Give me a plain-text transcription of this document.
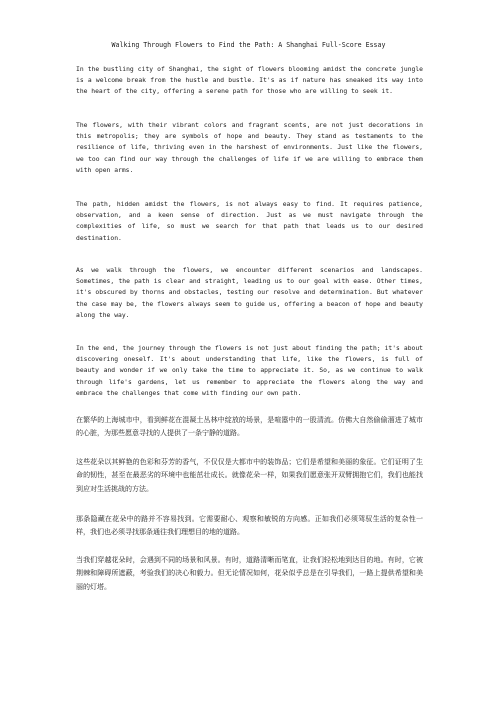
Walking Through Flowers to Find the Path: A Shanghai Full-Score Essay

In the bustling city of Shanghai, the sight of flowers blooming amidst the concrete jungle is a welcome break from the hustle and bustle. It's as if nature has sneaked its way into the heart of the city, offering a serene path for those who are willing to seek it.

The flowers, with their vibrant colors and fragrant scents, are not just decorations in this metropolis; they are symbols of hope and beauty. They stand as testaments to the resilience of life, thriving even in the harshest of environments. Just like the flowers, we too can find our way through the challenges of life if we are willing to embrace them with open arms.

The path, hidden amidst the flowers, is not always easy to find. It requires patience, observation, and a keen sense of direction. Just as we must navigate through the complexities of life, so must we search for that path that leads us to our desired destination.

As we walk through the flowers, we encounter different scenarios and landscapes. Sometimes, the path is clear and straight, leading us to our goal with ease. Other times, it's obscured by thorns and obstacles, testing our resolve and determination. But whatever the case may be, the flowers always seem to guide us, offering a beacon of hope and beauty along the way.

In the end, the journey through the flowers is not just about finding the path; it's about discovering oneself. It's about understanding that life, like the flowers, is full of beauty and wonder if we only take the time to appreciate it. So, as we continue to walk through life's gardens, let us remember to appreciate the flowers along the way and embrace the challenges that come with finding our own path.

在繁华的上海城市中，看到鲜花在混凝土丛林中绽放的场景，是喧嚣中的一股清流。仿佛大自然偷偷溜进了城市的心脏，为那些愿意寻找的人提供了一条宁静的道路。

这些花朵以其鲜艳的色彩和芬芳的香气，不仅仅是大都市中的装饰品；它们是希望和美丽的象征。它们证明了生命的韧性，甚至在最恶劣的环境中也能茁壮成长。就像花朵一样，如果我们愿意张开双臂拥抱它们，我们也能找到应对生活挑战的方法。

那条隐藏在花朵中的路并不容易找到。它需要耐心、观察和敏锐的方向感。正如我们必须驾驭生活的复杂性一样，我们也必须寻找那条通往我们理想目的地的道路。

当我们穿越花朵时，会遇到不同的场景和风景。有时，道路清晰而笔直，让我们轻松地到达目的地。有时，它被荆棘和障碍所遮蔽，考验我们的决心和毅力。但无论情况如何，花朵似乎总是在引导我们，一路上提供希望和美丽的灯塔。
